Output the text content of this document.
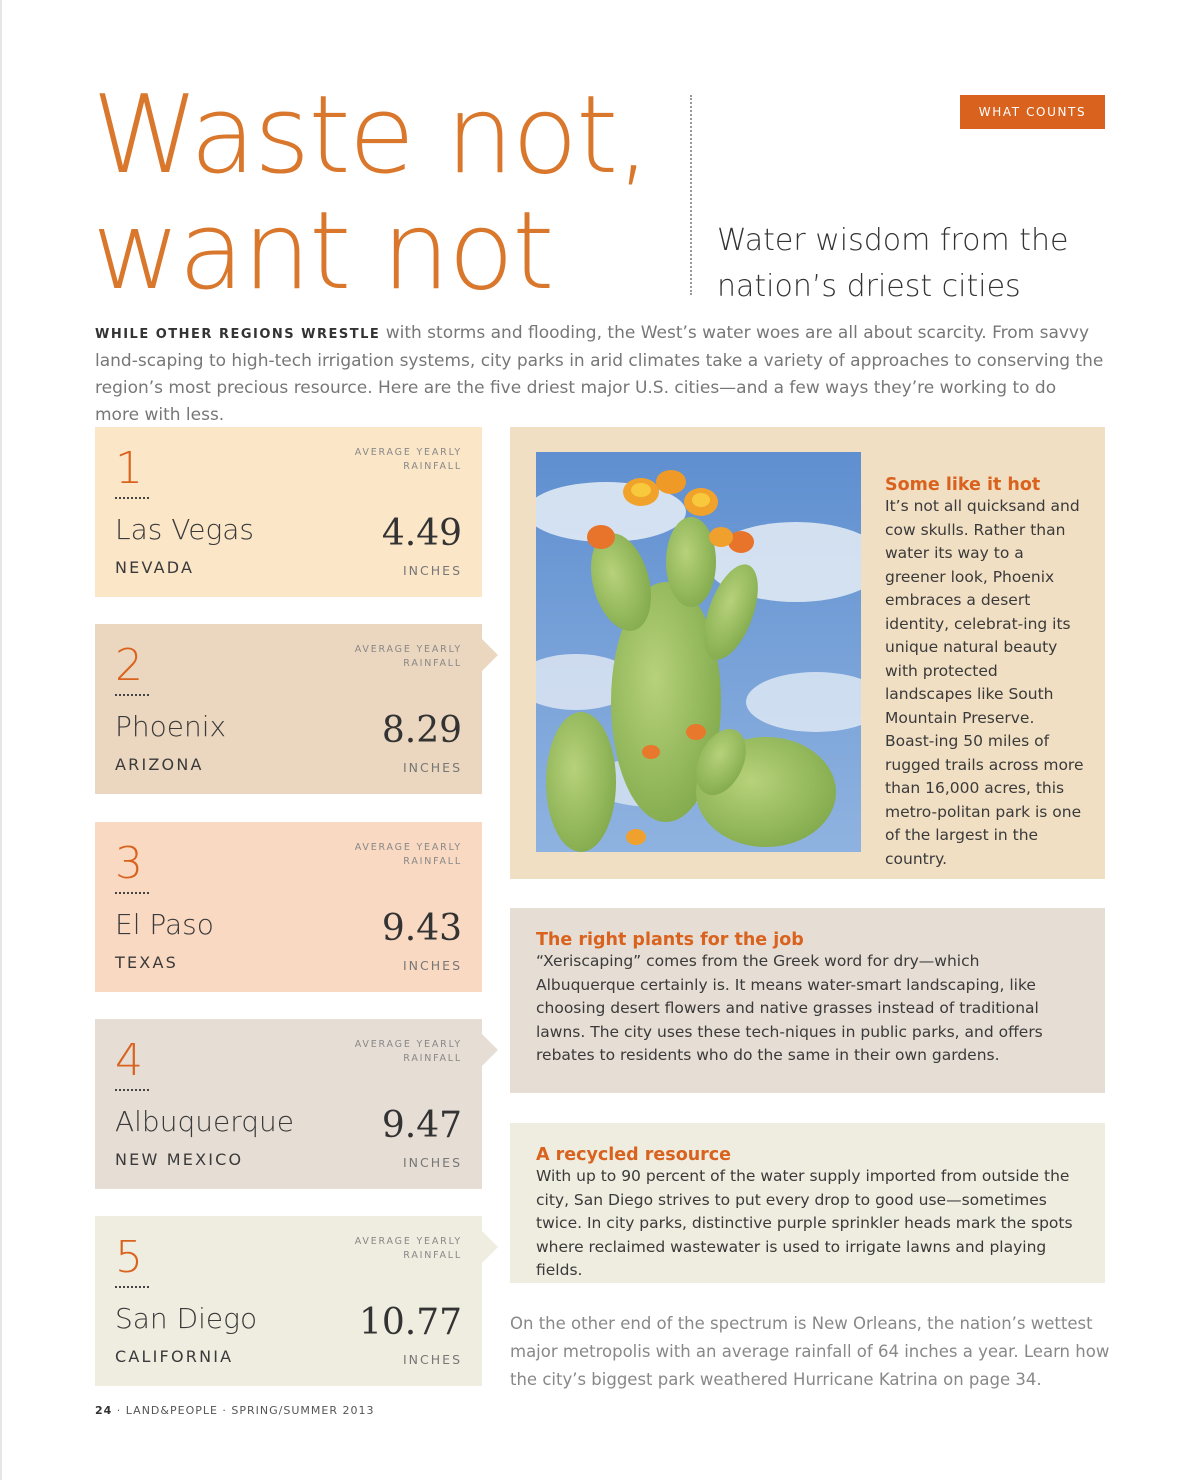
Waste not,
want not
WHAT COUNTS
Water wisdom from the nation’s driest cities

WHILE OTHER REGIONS WRESTLE with storms and flooding, the West’s water woes are all about scarcity. From savvy land-scaping to high-tech irrigation systems, city parks in arid climates take a variety of approaches to conserving the region’s most precious resource. Here are the five driest major U.S. cities—and a few ways they’re working to do more with less.

1
Las Vegas
NEVADA
AVERAGE YEARLY RAINFALL
4.49
INCHES
2
Phoenix
ARIZONA
AVERAGE YEARLY RAINFALL
8.29
INCHES
3
El Paso
TEXAS
AVERAGE YEARLY RAINFALL
9.43
INCHES
4
Albuquerque
NEW MEXICO
AVERAGE YEARLY RAINFALL
9.47
INCHES
5
San Diego
CALIFORNIA
AVERAGE YEARLY RAINFALL
10.77
INCHES
Some like it hot

It’s not all quicksand and cow skulls. Rather than water its way to a greener look, Phoenix embraces a desert identity, celebrat-ing its unique natural beauty with protected landscapes like South Mountain Preserve. Boast-ing 50 miles of rugged trails across more than 16,000 acres, this metro-politan park is one of the largest in the country.

The right plants for the job

“Xeriscaping” comes from the Greek word for dry—which Albuquerque certainly is. It means water-smart landscaping, like choosing desert flowers and native grasses instead of traditional lawns. The city uses these tech-niques in public parks, and offers rebates to residents who do the same in their own gardens.

A recycled resource

With up to 90 percent of the water supply imported from outside the city, San Diego strives to put every drop to good use—sometimes twice. In city parks, distinctive purple sprinkler heads mark the spots where reclaimed wastewater is used to irrigate lawns and playing fields.

On the other end of the spectrum is New Orleans, the nation’s wettest major metropolis with an average rainfall of 64 inches a year. Learn how the city’s biggest park weathered Hurricane Katrina on page 34.

24 · LAND&PEOPLE · SPRING/SUMMER 2013
